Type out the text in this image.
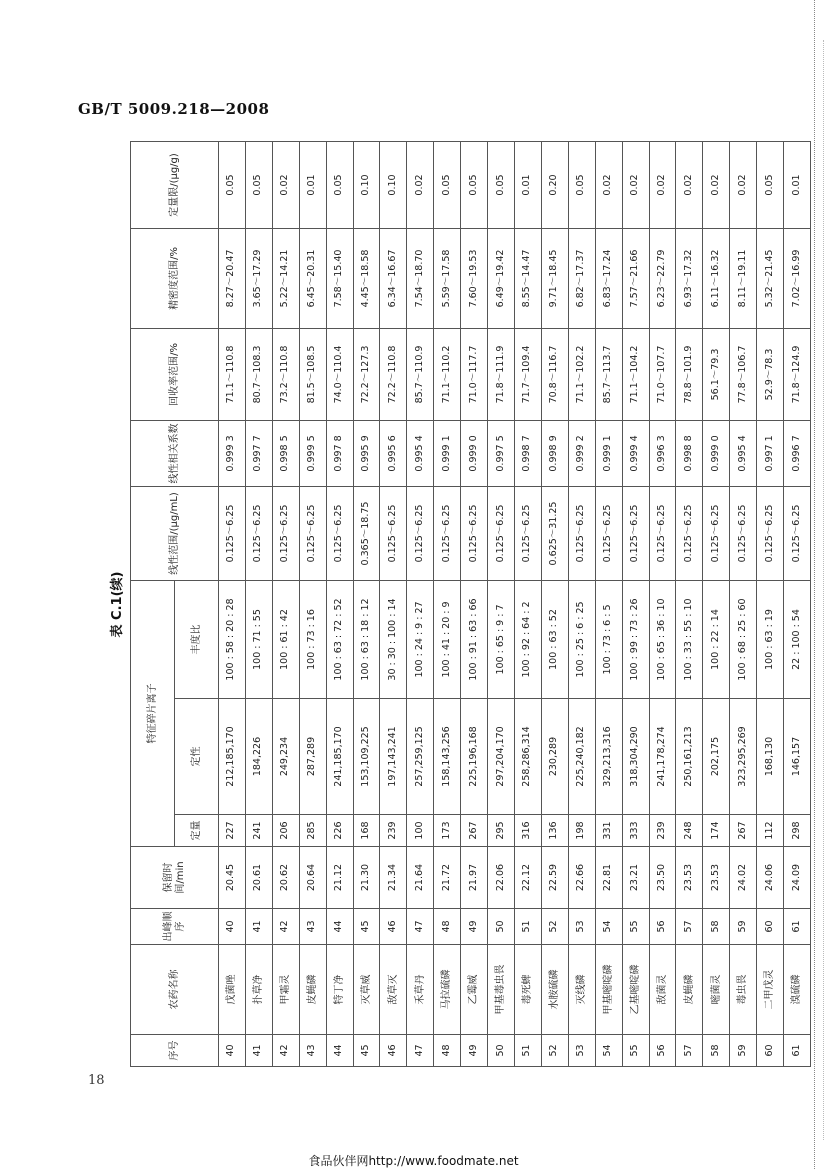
GB/T 5009.218—2008
18
食品伙伴网http://www.foodmate.net
表 C.1(续)
序号	农药名称	出峰顺序	保留时间/min	特征碎片离子			线性范围/(μg/mL)	线性相关系数	回收率范围/%	精密度范围/%	定量限/(μg/g)
				定量	定性	丰度比					
40	戊菌唑	40	20.45	227	212,185,170	100 : 58 : 20 : 28	0.125～6.25	0.999 3	71.1～110.8	8.27～20.47	0.05
41	扑草净	41	20.61	241	184,226	100 : 71 : 55	0.125～6.25	0.997 7	80.7～108.3	3.65～17.29	0.05
42	甲霜灵	42	20.62	206	249,234	100 : 61 : 42	0.125～6.25	0.998 5	73.2～110.8	5.22～14.21	0.02
43	皮蝇磷	43	20.64	285	287,289	100 : 73 : 16	0.125～6.25	0.999 5	81.5～108.5	6.45～20.31	0.01
44	特丁净	44	21.12	226	241,185,170	100 : 63 : 72 : 52	0.125～6.25	0.997 8	74.0～110.4	7.58～15.40	0.05
45	灭草威	45	21.30	168	153,109,225	100 : 63 : 18 : 12	0.365～18.75	0.995 9	72.2～127.3	4.45～18.58	0.10
46	敌草灭	46	21.34	239	197,143,241	30 : 30 : 100 : 14	0.125～6.25	0.995 6	72.2～110.8	6.34～16.67	0.10
47	禾草丹	47	21.64	100	257,259,125	100 : 24 : 9 : 27	0.125～6.25	0.995 4	85.7～110.9	7.54～18.70	0.02
48	马拉硫磷	48	21.72	173	158,143,256	100 : 41 : 20 : 9	0.125～6.25	0.999 1	71.1～110.2	5.59～17.58	0.05
49	乙霉威	49	21.97	267	225,196,168	100 : 91 : 63 : 66	0.125～6.25	0.999 0	71.0～117.7	7.60～19.53	0.05
50	甲基毒虫畏	50	22.06	295	297,204,170	100 : 65 : 9 : 7	0.125～6.25	0.997 5	71.8～111.9	6.49～19.42	0.05
51	毒死蜱	51	22.12	316	258,286,314	100 : 92 : 64 : 2	0.125～6.25	0.998 7	71.7～109.4	8.55～14.47	0.01
52	水胺硫磷	52	22.59	136	230,289	100 : 63 : 52	0.625～31.25	0.998 9	70.8～116.7	9.71～18.45	0.20
53	灭线磷	53	22.66	198	225,240,182	100 : 25 : 6 : 25	0.125～6.25	0.999 2	71.1～102.2	6.82～17.37	0.05
54	甲基嘧啶磷	54	22.81	331	329,213,316	100 : 73 : 6 : 5	0.125～6.25	0.999 1	85.7～113.7	6.83～17.24	0.02
55	乙基嘧啶磷	55	23.21	333	318,304,290	100 : 99 : 73 : 26	0.125～6.25	0.999 4	71.1～104.2	7.57～21.66	0.02
56	敌菌灵	56	23.50	239	241,178,274	100 : 65 : 36 : 10	0.125～6.25	0.996 3	71.0～107.7	6.23～22.79	0.02
57	皮蝇磷	57	23.53	248	250,161,213	100 : 33 : 55 : 10	0.125～6.25	0.998 8	78.8～101.9	6.93～17.32	0.02
58	嘧菌灵	58	23.53	174	202,175	100 : 22 : 14	0.125～6.25	0.999 0	56.1～79.3	6.11～16.32	0.02
59	毒虫畏	59	24.02	267	323,295,269	100 : 68 : 25 : 60	0.125～6.25	0.995 4	77.8～106.7	8.11～19.11	0.02
60	二甲戊灵	60	24.06	112	168,130	100 : 63 : 19	0.125～6.25	0.997 1	52.9～78.3	5.32～21.45	0.05
61	溴硫磷	61	24.09	298	146,157	22 : 100 : 54	0.125～6.25	0.996 7	71.8～124.9	7.02～16.99	0.01
